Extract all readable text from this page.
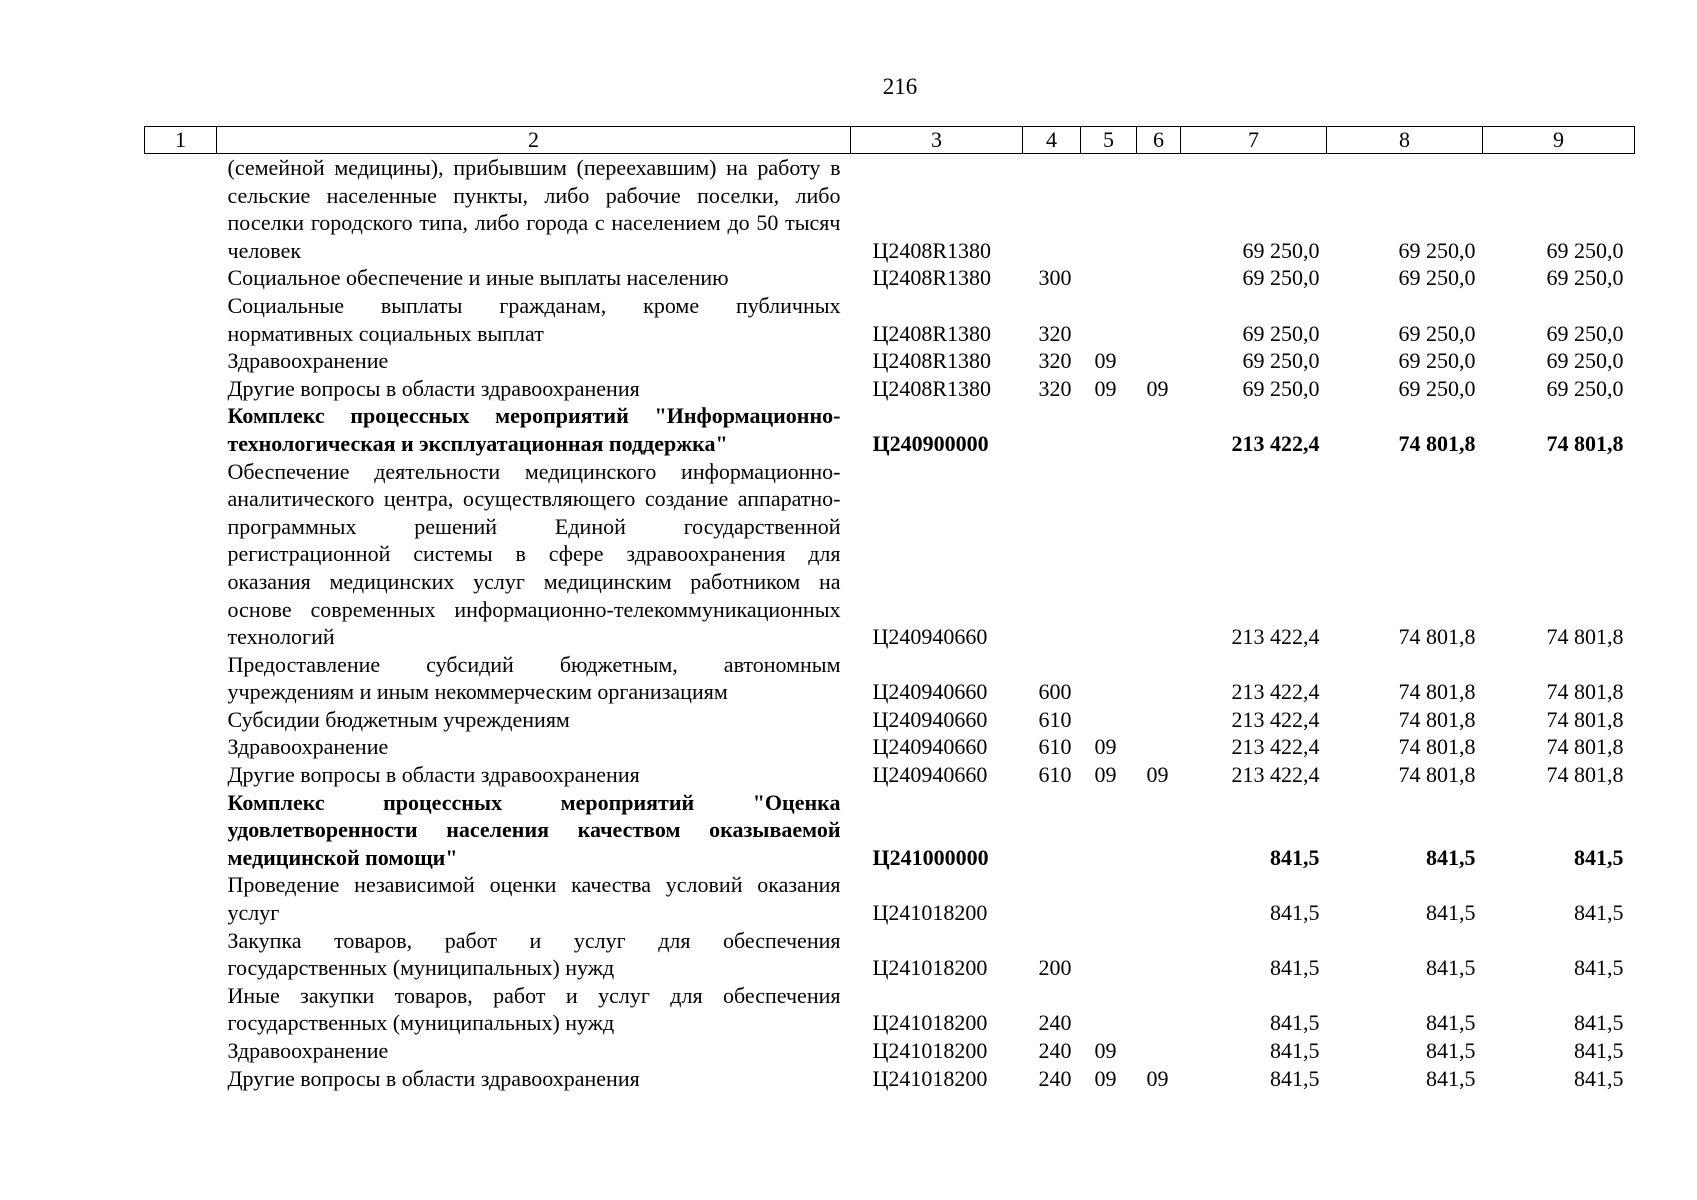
216
1	2	3	4	5	6	7	8	9
	(семейной медицины), прибывшим (переехавшим) на работу в сельские населенные пункты, либо рабочие поселки, либо поселки городского типа, либо города с населением до 50 тысяч человек	Ц2408R1380				69 250,0	69 250,0	69 250,0
	Социальное обеспечение и иные выплаты населению	Ц2408R1380	300			69 250,0	69 250,0	69 250,0
	Социальные выплаты гражданам, кроме публичных нормативных социальных выплат	Ц2408R1380	320			69 250,0	69 250,0	69 250,0
	Здравоохранение	Ц2408R1380	320	09		69 250,0	69 250,0	69 250,0
	Другие вопросы в области здравоохранения	Ц2408R1380	320	09	09	69 250,0	69 250,0	69 250,0
	Комплекс процессных мероприятий "Информационно-технологическая и эксплуатационная поддержка"	Ц240900000				213 422,4	74 801,8	74 801,8
	Обеспечение деятельности медицинского информационно-аналитического центра, осуществляющего создание аппаратно-программных решений Единой государственной регистрационной системы в сфере здравоохранения для оказания медицинских услуг медицинским работником на основе современных информационно-телекоммуникационных технологий	Ц240940660				213 422,4	74 801,8	74 801,8
	Предоставление субсидий бюджетным, автономным учреждениям и иным некоммерческим организациям	Ц240940660	600			213 422,4	74 801,8	74 801,8
	Субсидии бюджетным учреждениям	Ц240940660	610			213 422,4	74 801,8	74 801,8
	Здравоохранение	Ц240940660	610	09		213 422,4	74 801,8	74 801,8
	Другие вопросы в области здравоохранения	Ц240940660	610	09	09	213 422,4	74 801,8	74 801,8
	Комплекс процессных мероприятий "Оценка удовлетворенности населения качеством оказываемой медицинской помощи"	Ц241000000				841,5	841,5	841,5
	Проведение независимой оценки качества условий оказания услуг	Ц241018200				841,5	841,5	841,5
	Закупка товаров, работ и услуг для обеспечения государственных (муниципальных) нужд	Ц241018200	200			841,5	841,5	841,5
	Иные закупки товаров, работ и услуг для обеспечения государственных (муниципальных) нужд	Ц241018200	240			841,5	841,5	841,5
	Здравоохранение	Ц241018200	240	09		841,5	841,5	841,5
	Другие вопросы в области здравоохранения	Ц241018200	240	09	09	841,5	841,5	841,5
